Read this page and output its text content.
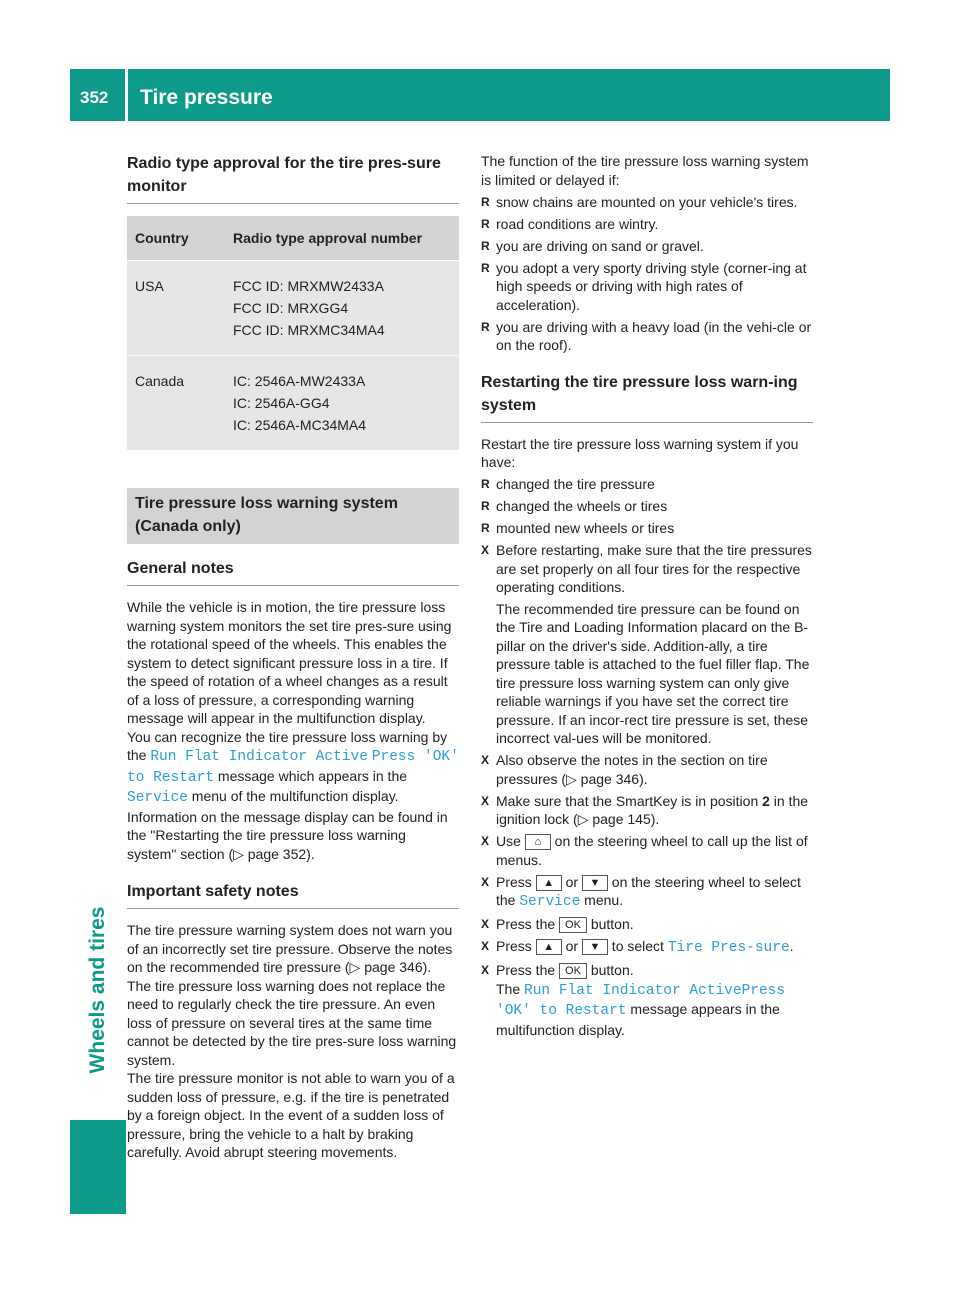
352 Tire pressure
Wheels and tires
Radio type approval for the tire pres-sure monitor
Country	Radio type approval number
USA	FCC ID: MRXMW2433A
FCC ID: MRXGG4
FCC ID: MRXMC34MA4

Canada	IC: 2546A-MW2433A
IC: 2546A-GG4
IC: 2546A-MC34MA4
Tire pressure loss warning system (Canada only)
General notes

While the vehicle is in motion, the tire pressure loss warning system monitors the set tire pres-sure using the rotational speed of the wheels. This enables the system to detect significant pressure loss in a tire. If the speed of rotation of a wheel changes as a result of a loss of pressure, a corresponding warning message will appear in the multifunction display.

You can recognize the tire pressure loss warning by the Run Flat Indicator Active Press 'OK' to Restart message which appears in the Service menu of the multifunction display. Information on the message display can be found in the "Restarting the tire pressure loss warning system" section (▷ page 352).

Important safety notes

The tire pressure warning system does not warn you of an incorrectly set tire pressure. Observe the notes on the recommended tire pressure (▷ page 346).

The tire pressure loss warning does not replace the need to regularly check the tire pressure. An even loss of pressure on several tires at the same time cannot be detected by the tire pres-sure loss warning system.

The tire pressure monitor is not able to warn you of a sudden loss of pressure, e.g. if the tire is penetrated by a foreign object. In the event of a sudden loss of pressure, bring the vehicle to a halt by braking carefully. Avoid abrupt steering movements.

The function of the tire pressure loss warning system is limited or delayed if:

R snow chains are mounted on your vehicle's tires.
R road conditions are wintry.
R you are driving on sand or gravel.
R you adopt a very sporty driving style (corner-ing at high speeds or driving with high rates of acceleration).
R you are driving with a heavy load (in the vehi-cle or on the roof).
Restarting the tire pressure loss warn-ing system

Restart the tire pressure loss warning system if you have:

R changed the tire pressure
R changed the wheels or tires
R mounted new wheels or tires
X Before restarting, make sure that the tire pressures are set properly on all four tires for the respective operating conditions.
The recommended tire pressure can be found on the Tire and Loading Information placard on the B-pillar on the driver's side. Addition-ally, a tire pressure table is attached to the fuel filler flap. The tire pressure loss warning system can only give reliable warnings if you have set the correct tire pressure. If an incor-rect tire pressure is set, these incorrect val-ues will be monitored.
X Also observe the notes in the section on tire pressures (▷ page 346).
X Make sure that the SmartKey is in position 2 in the ignition lock (▷ page 145).
X Use ⌂ on the steering wheel to call up the list of menus.
X Press ▲ or ▼ on the steering wheel to select the Service menu.
X Press the OK button.
X Press ▲ or ▼ to select Tire Pres-sure.
X Press the OK button.
The Run Flat Indicator ActivePress 'OK' to Restart message appears in the multifunction display.
